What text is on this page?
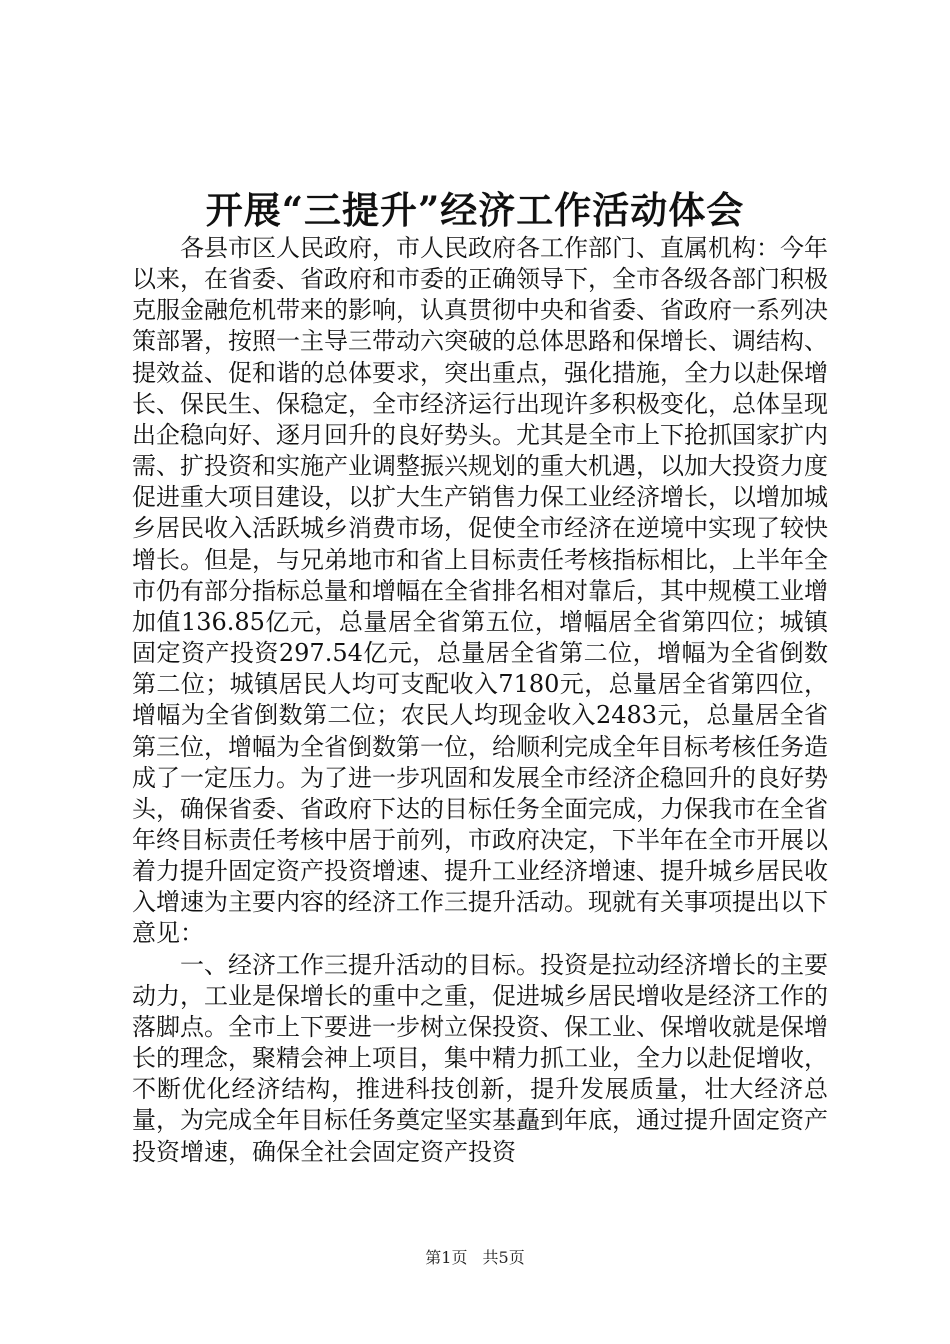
开展“三提升”经济工作活动体会

各县市区人民政府，市人民政府各工作部门、直属机构：今年以来，在省委、省政府和市委的正确领导下，全市各级各部门积极克服金融危机带来的影响，认真贯彻中央和省委、省政府一系列决策部署，按照一主导三带动六突破的总体思路和保增长、调结构、提效益、促和谐的总体要求，突出重点，强化措施，全力以赴保增长、保民生、保稳定，全市经济运行出现许多积极变化，总体呈现出企稳向好、逐月回升的良好势头。尤其是全市上下抢抓国家扩内需、扩投资和实施产业调整振兴规划的重大机遇，以加大投资力度促进重大项目建设，以扩大生产销售力保工业经济增长，以增加城乡居民收入活跃城乡消费市场，促使全市经济在逆境中实现了较快增长。但是，与兄弟地市和省上目标责任考核指标相比，上半年全市仍有部分指标总量和增幅在全省排名相对靠后，其中规模工业增加值136.85亿元，总量居全省第五位，增幅居全省第四位；城镇固定资产投资297.54亿元，总量居全省第二位，增幅为全省倒数第二位；城镇居民人均可支配收入7180元，总量居全省第四位，增幅为全省倒数第二位；农民人均现金收入2483元，总量居全省第三位，增幅为全省倒数第一位，给顺利完成全年目标考核任务造成了一定压力。为了进一步巩固和发展全市经济企稳回升的良好势头，确保省委、省政府下达的目标任务全面完成，力保我市在全省年终目标责任考核中居于前列，市政府决定，下半年在全市开展以着力提升固定资产投资增速、提升工业经济增速、提升城乡居民收入增速为主要内容的经济工作三提升活动。现就有关事项提出以下意见：

一、经济工作三提升活动的目标。投资是拉动经济增长的主要动力，工业是保增长的重中之重，促进城乡居民增收是经济工作的落脚点。全市上下要进一步树立保投资、保工业、保增收就是保增长的理念，聚精会神上项目，集中精力抓工业，全力以赴促增收，不断优化经济结构，推进科技创新，提升发展质量，壮大经济总量，为完成全年目标任务奠定坚实基矗到年底，通过提升固定资产投资增速，确保全社会固定资产投资

第1页 共5页
